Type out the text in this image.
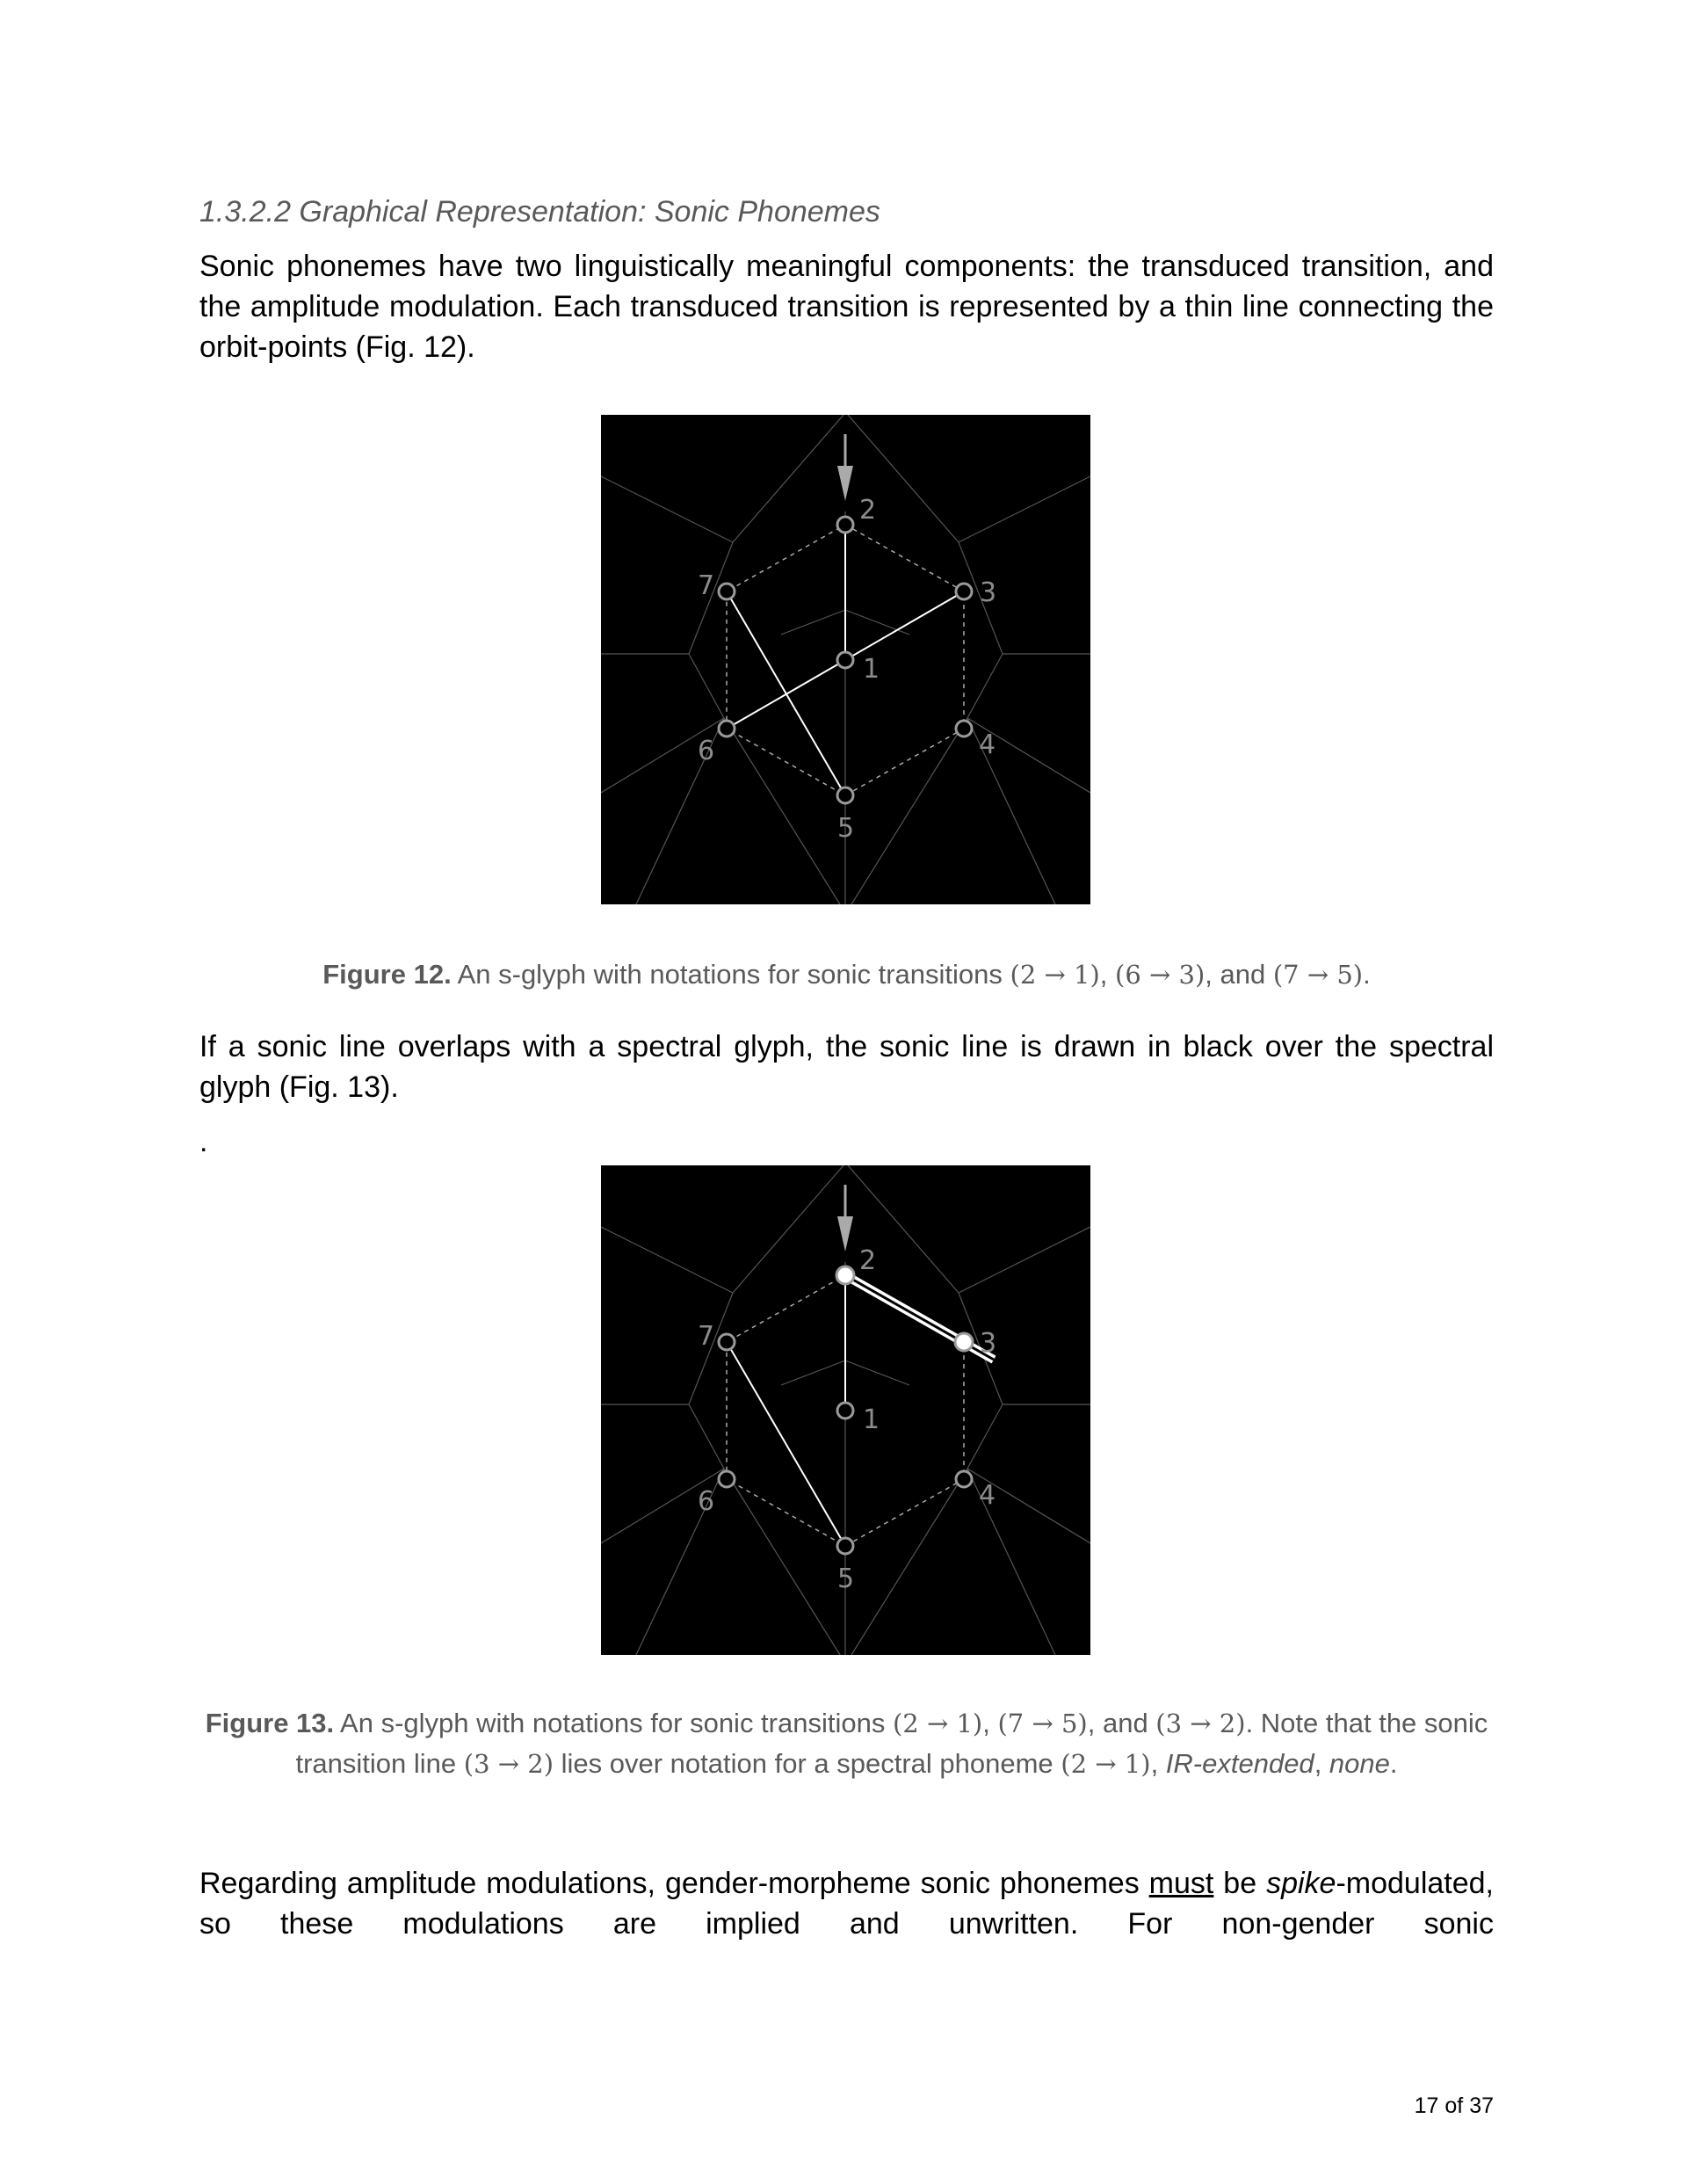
1.3.2.2 Graphical Representation: Sonic Phonemes

Sonic phonemes have two linguistically meaningful components: the transduced transition, and the amplitude modulation. Each transduced transition is represented by a thin line connecting the orbit-points (Fig. 12).

1
2
3
4
5
6
7

Figure 12. An s-glyph with notations for sonic transitions (2 → 1), (6 → 3), and (7 → 5).

If a sonic line overlaps with a spectral glyph, the sonic line is drawn in black over the spectral glyph (Fig. 13).

.
1
2
3
4
5
6
7

Figure 13. An s-glyph with notations for sonic transitions (2 → 1), (7 → 5), and (3 → 2). Note that the sonic transition line (3 → 2) lies over notation for a spectral phoneme (2 → 1), IR-extended, none.

Regarding amplitude modulations, gender-morpheme sonic phonemes must be spike-modulated, so these modulations are implied and unwritten. For non-gender sonic

17 of 37
